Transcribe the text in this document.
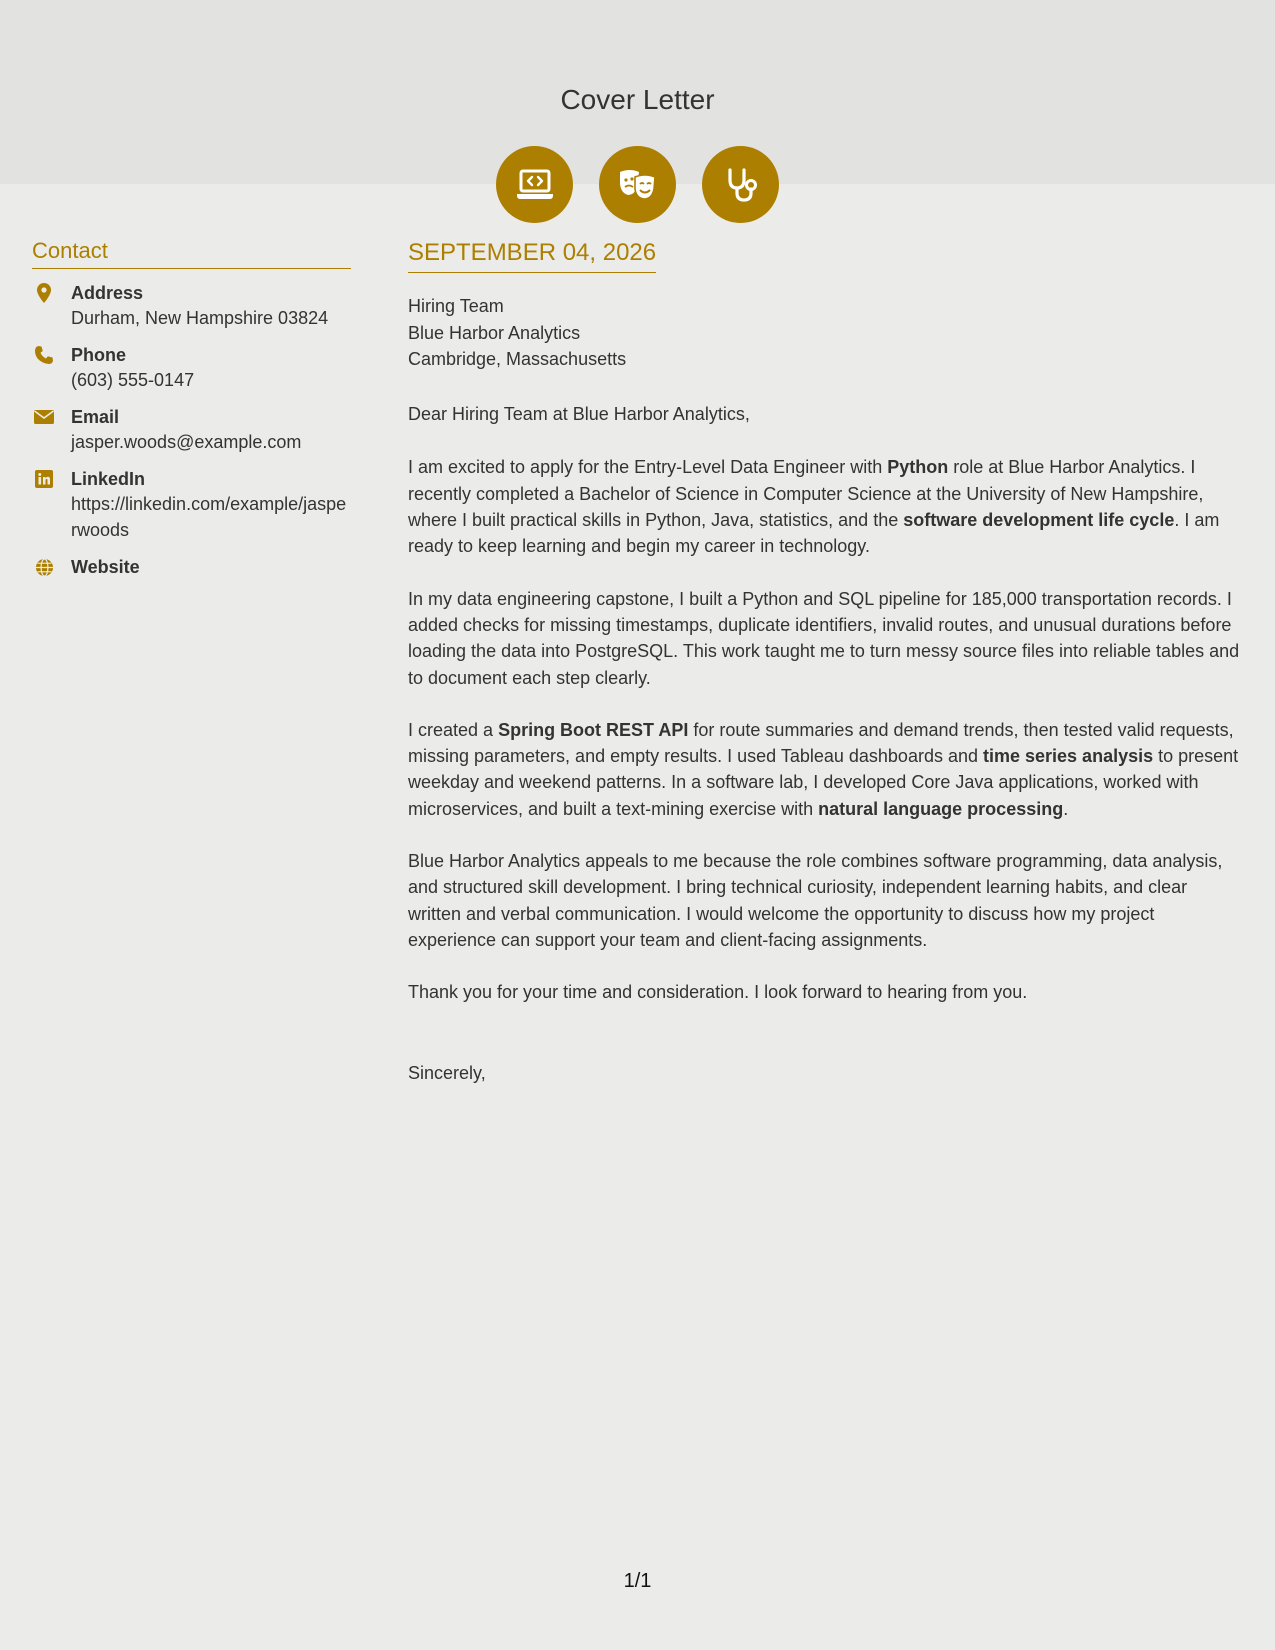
Cover Letter
Contact
Address
Durham, New Hampshire 03824
Phone
(603) 555-0147
Email
jasper.woods@example.com
LinkedIn
https://linkedin.com/example/jasperwoods
Website
SEPTEMBER 04, 2026
Hiring Team
Blue Harbor Analytics
Cambridge, Massachusetts

Dear Hiring Team at Blue Harbor Analytics,

I am excited to apply for the Entry-Level Data Engineer with Python role at Blue Harbor Analytics. I recently completed a Bachelor of Science in Computer Science at the University of New Hampshire, where I built practical skills in Python, Java, statistics, and the software development life cycle. I am ready to keep learning and begin my career in technology.

In my data engineering capstone, I built a Python and SQL pipeline for 185,000 transportation records. I added checks for missing timestamps, duplicate identifiers, invalid routes, and unusual durations before loading the data into PostgreSQL. This work taught me to turn messy source files into reliable tables and to document each step clearly.

I created a Spring Boot REST API for route summaries and demand trends, then tested valid requests, missing parameters, and empty results. I used Tableau dashboards and time series analysis to present weekday and weekend patterns. In a software lab, I developed Core Java applications, worked with microservices, and built a text-mining exercise with natural language processing.

Blue Harbor Analytics appeals to me because the role combines software programming, data analysis, and structured skill development. I bring technical curiosity, independent learning habits, and clear written and verbal communication. I would welcome the opportunity to discuss how my project experience can support your team and client-facing assignments.

Thank you for your time and consideration. I look forward to hearing from you.

Sincerely,

1/1
